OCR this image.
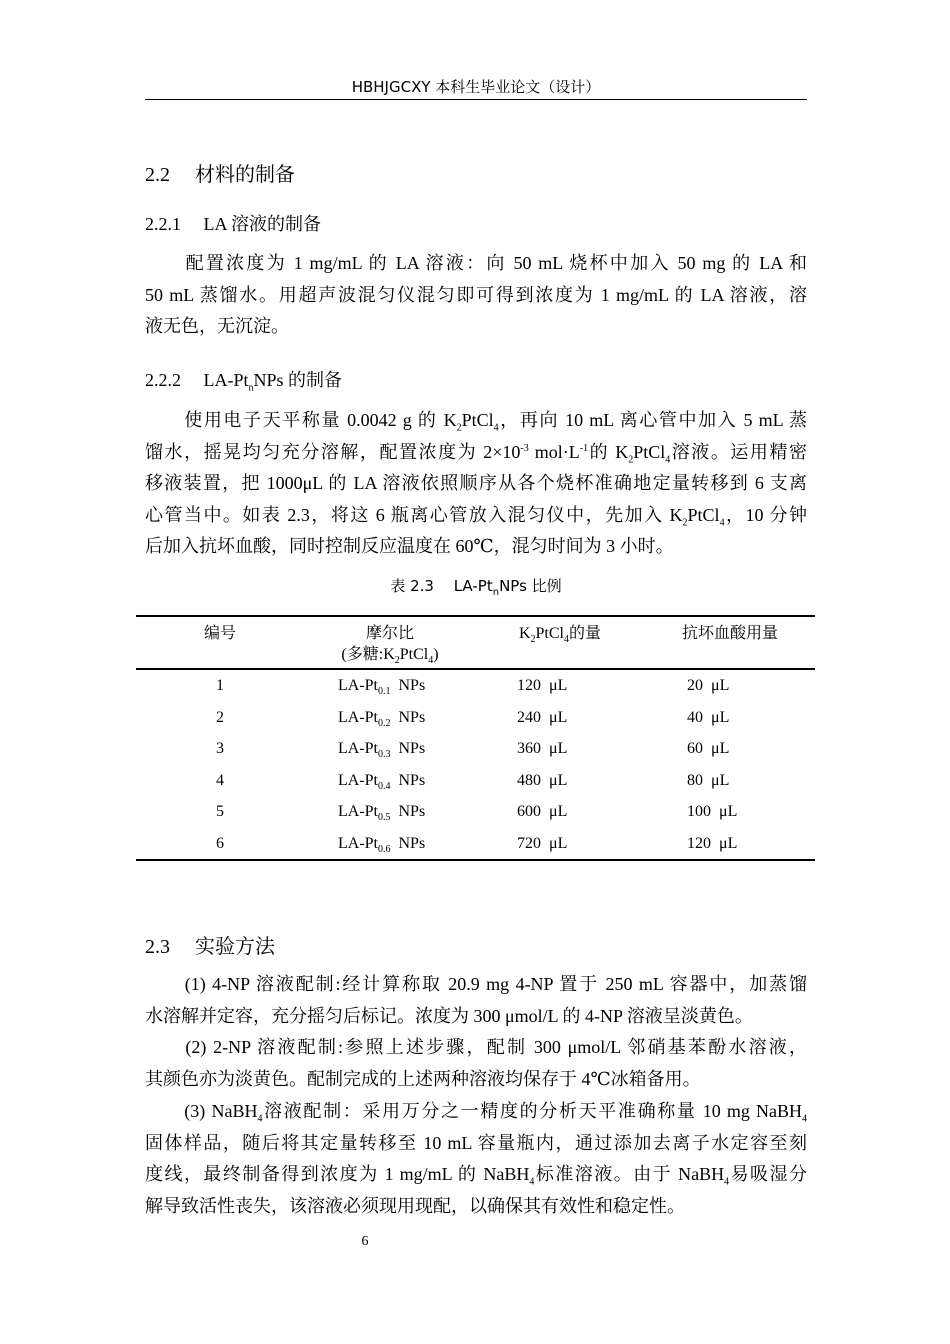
HBHJGCXY 本科生毕业论文（设计）
2.2　 材料的制备
2.2.1　 LA 溶液的制备
　　配置浓度为 1 mg/mL 的 LA 溶液：向 50 mL 烧杯中加入 50 mg 的 LA 和
50 mL 蒸馏水。用超声波混匀仪混匀即可得到浓度为 1 mg/mL 的 LA 溶液，溶
液无色，无沉淀。
2.2.2　 $LA-Pt_nNPs$ 的制备
　　使用电子天平称量 0.0042 g 的 $K_2PtCl_4$，再向 10 mL 离心管中加入 5 mL 蒸
馏水，摇晃均匀充分溶解，配置浓度为 $2\times 10^{-3}$ $mol\cdot L^{-1}$的 $K_2PtCl_4$溶液。运用精密
移液装置，把 1000μL 的 LA 溶液依照顺序从各个烧杯准确地定量转移到 6 支离
心管当中。如表 2.3，将这 6 瓶离心管放入混匀仪中，先加入 $K_2PtCl_4$，10 分钟
后加入抗坏血酸，同时控制反应温度在 60℃，混匀时间为 3 小时。
表 2.3　 $LA-Pt_nNPs$ 比例
编号	摩尔比	$K_2PtCl_4$的量	抗坏血酸用量
(多糖$:K_2PtCl_4$)
1	$LA-Pt_{0.1}$  NPs	120  μL	20  μL
2	$LA-Pt_{0.2}$  NPs	240  μL	40  μL
3	$LA-Pt_{0.3}$  NPs	360  μL	60  μL
4	$LA-Pt_{0.4}$  NPs	480  μL	80  μL
5	$LA-Pt_{0.5}$  NPs	600  μL	100  μL
6	$LA-Pt_{0.6}$  NPs	720  μL	120  μL
2.3　 实验方法
　　(1) 4-NP 溶液配制:经计算称取 20.9 mg 4-NP 置于 250 mL 容器中，加蒸馏
水溶解并定容，充分摇匀后标记。浓度为 300 μmol/L 的 4-NP 溶液呈淡黄色。
　　(2) 2-NP 溶液配制:参照上述步骤，配制 300 μmol/L 邻硝基苯酚水溶液，
其颜色亦为淡黄色。配制完成的上述两种溶液均保存于 4℃冰箱备用。
　　(3) NaBH$_4$溶液配制：采用万分之一精度的分析天平准确称量 10 mg NaBH$_4$
固体样品，随后将其定量转移至 10 mL 容量瓶内，通过添加去离子水定容至刻
度线，最终制备得到浓度为 1 mg/mL 的 NaBH$_4$标准溶液。由于 NaBH$_4$易吸湿分
解导致活性丧失，该溶液必须现用现配，以确保其有效性和稳定性。
6
